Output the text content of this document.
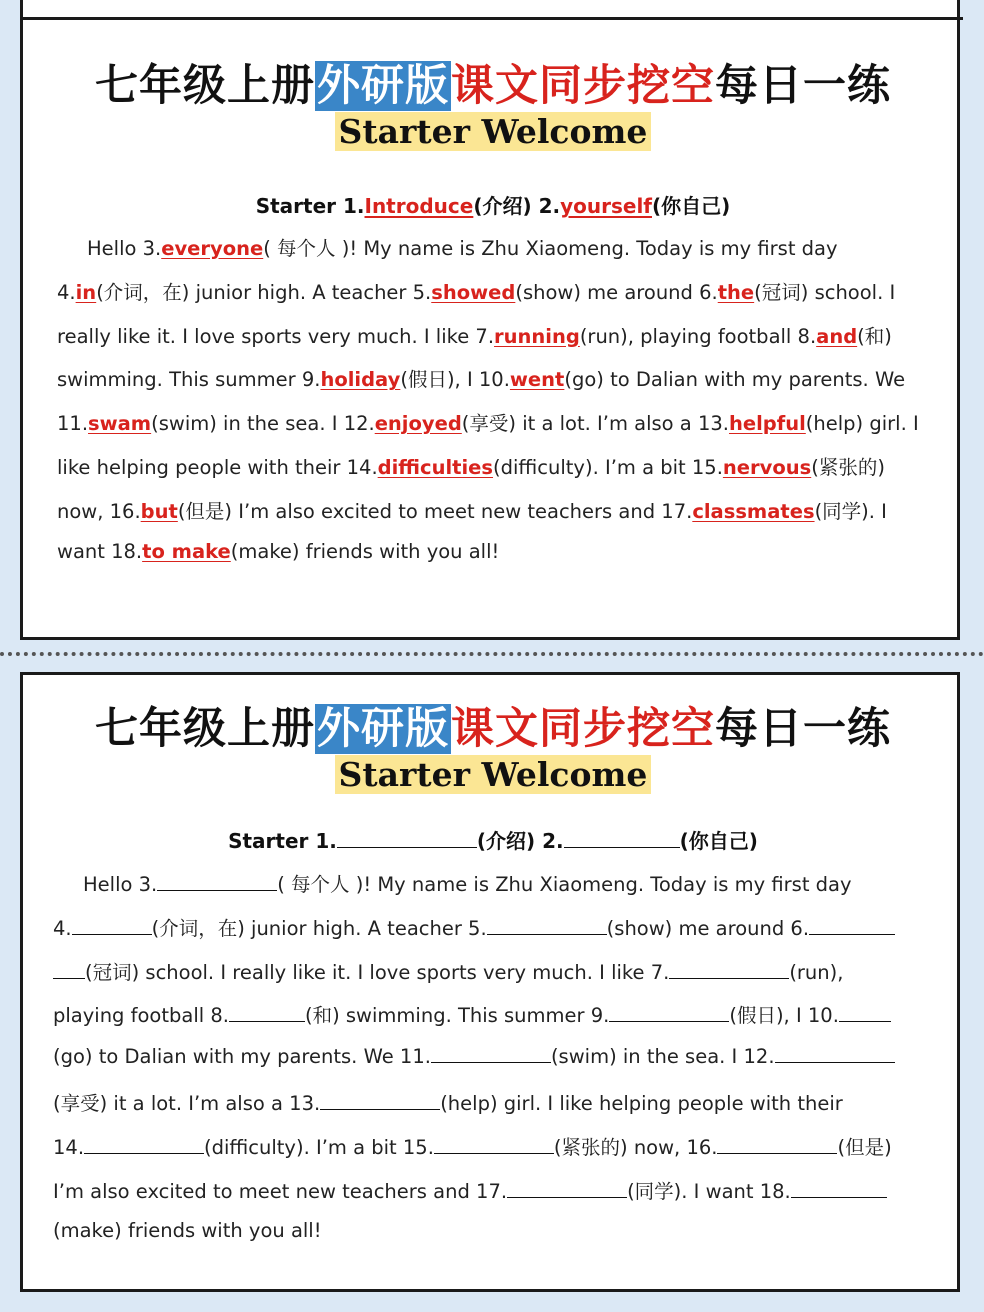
七年级上册外研版课文同步挖空每日一练
Starter Welcome
Starter 1.Introduce(介绍) 2.yourself(你自己)
Hello 3.everyone( 每个人 )! My name is Zhu Xiaomeng. Today is my first day
4.in(介词，在) junior high. A teacher 5.showed(show) me around 6.the(冠词) school. I
really like it. I love sports very much. I like 7.running(run), playing football 8.and(和)
swimming. This summer 9.holiday(假日), I 10.went(go) to Dalian with my parents. We
11.swam(swim) in the sea. I 12.enjoyed(享受) it a lot. I’m also a 13.helpful(help) girl. I
like helping people with their 14.difficulties(difficulty). I’m a bit 15.nervous(紧张的)
now, 16.but(但是) I’m also excited to meet new teachers and 17.classmates(同学). I
want 18.to make(make) friends with you all!
七年级上册外研版课文同步挖空每日一练
Starter Welcome
Starter 1.	(介绍) 2.	(你自己)
Hello 3.	( 每个人 )! My name is Zhu Xiaomeng. Today is my first day
4.	(介词，在) junior high. A teacher 5.	(show) me around 6.
(冠词) school. I really like it. I love sports very much. I like 7.	(run),
playing football 8.	(和) swimming. This summer 9.	(假日), I 10.
(go) to Dalian with my parents. We 11.	(swim) in the sea. I 12.
(享受) it a lot. I’m also a 13.	(help) girl. I like helping people with their
14.	(difficulty). I’m a bit 15.	(紧张的) now, 16.	(但是)
I’m also excited to meet new teachers and 17.	(同学). I want 18.
(make) friends with you all!
